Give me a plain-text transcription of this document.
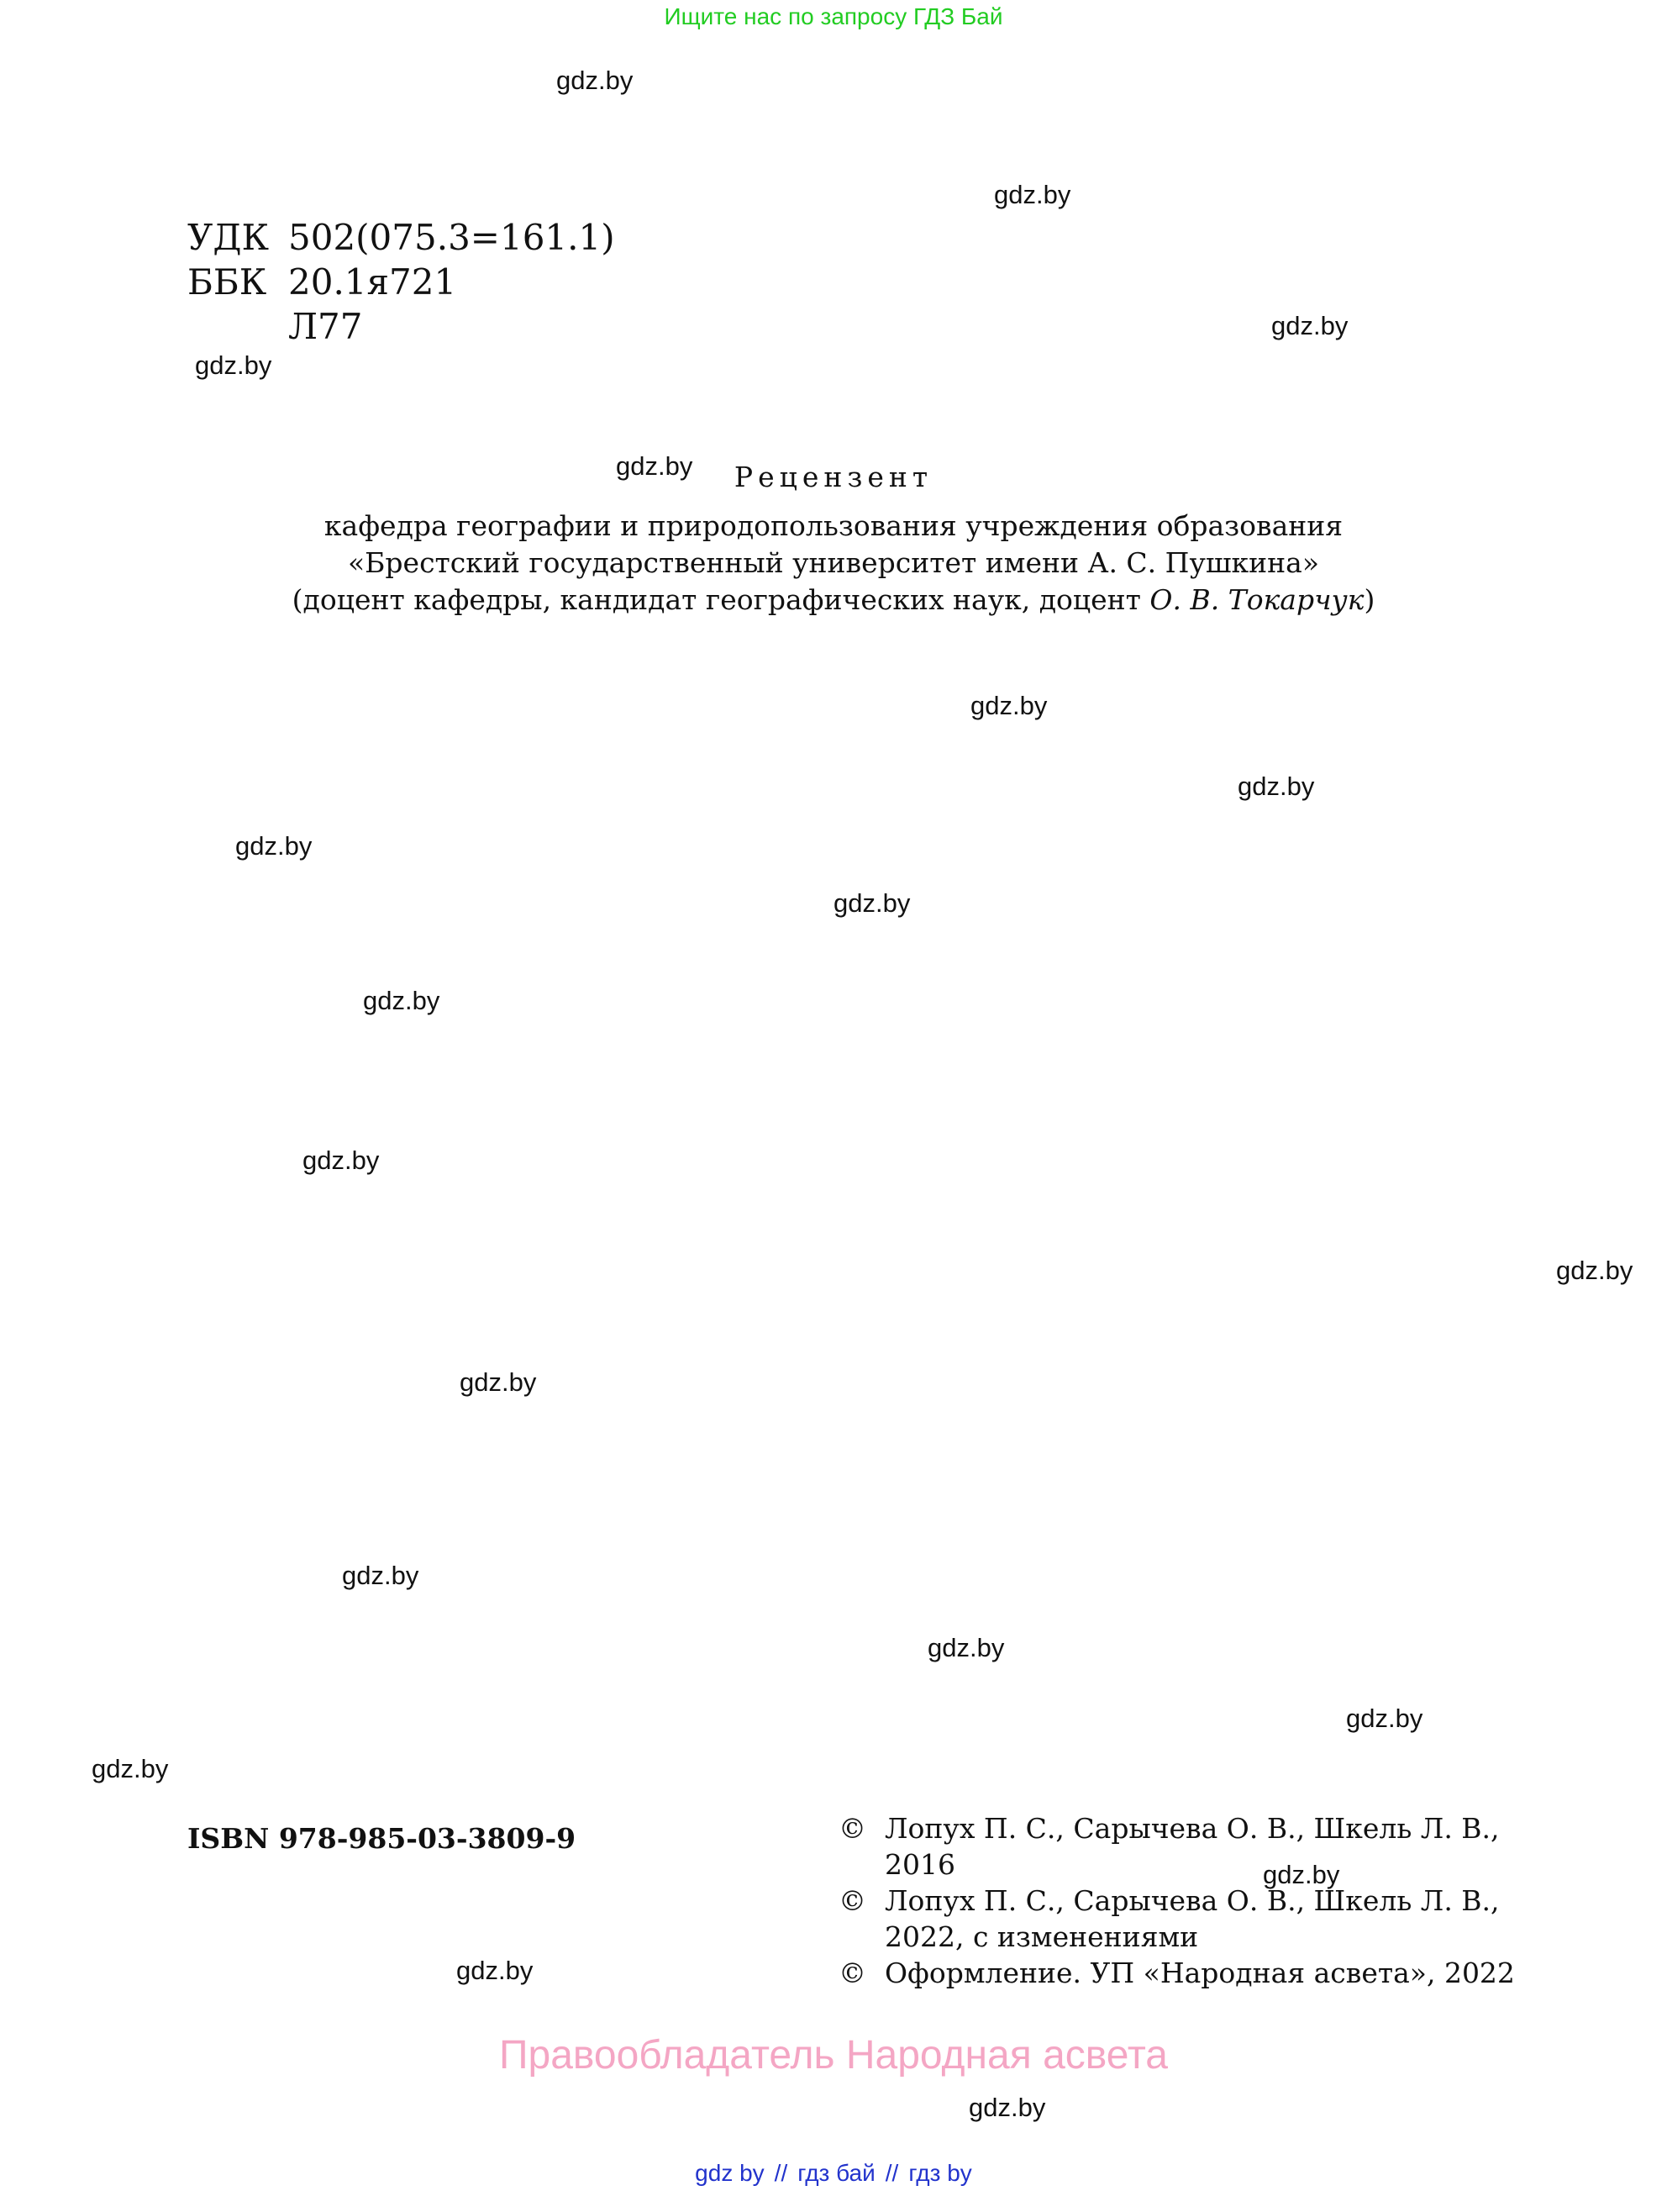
Ищите нас по запросу ГДЗ Бай
gdz.by
gdz.by
gdz.by
gdz.by
gdz.by
gdz.by
gdz.by
gdz.by
gdz.by
gdz.by
gdz.by
gdz.by
gdz.by
gdz.by
gdz.by
gdz.by
gdz.by
gdz.by
gdz.by
gdz.by
УДК 502(075.3=161.1)
ББК 20.1я721
Л77
Рецензент
кафедра географии и природопользования учреждения образования
«Брестский государственный университет имени А. С. Пушкина»
(доцент кафедры, кандидат географических наук, доцент О. В. Токарчук)
ISBN 978-985-03-3809-9	© Лопух П. С., Сарычева О. В., Шкель Л. В.,
2016
© Лопух П. С., Сарычева О. В., Шкель Л. В.,
2022, с изменениями
© Оформление. УП «Народная асвета», 2022
Правообладатель Народная асвета
gdz by // гдз бай // гдз by
